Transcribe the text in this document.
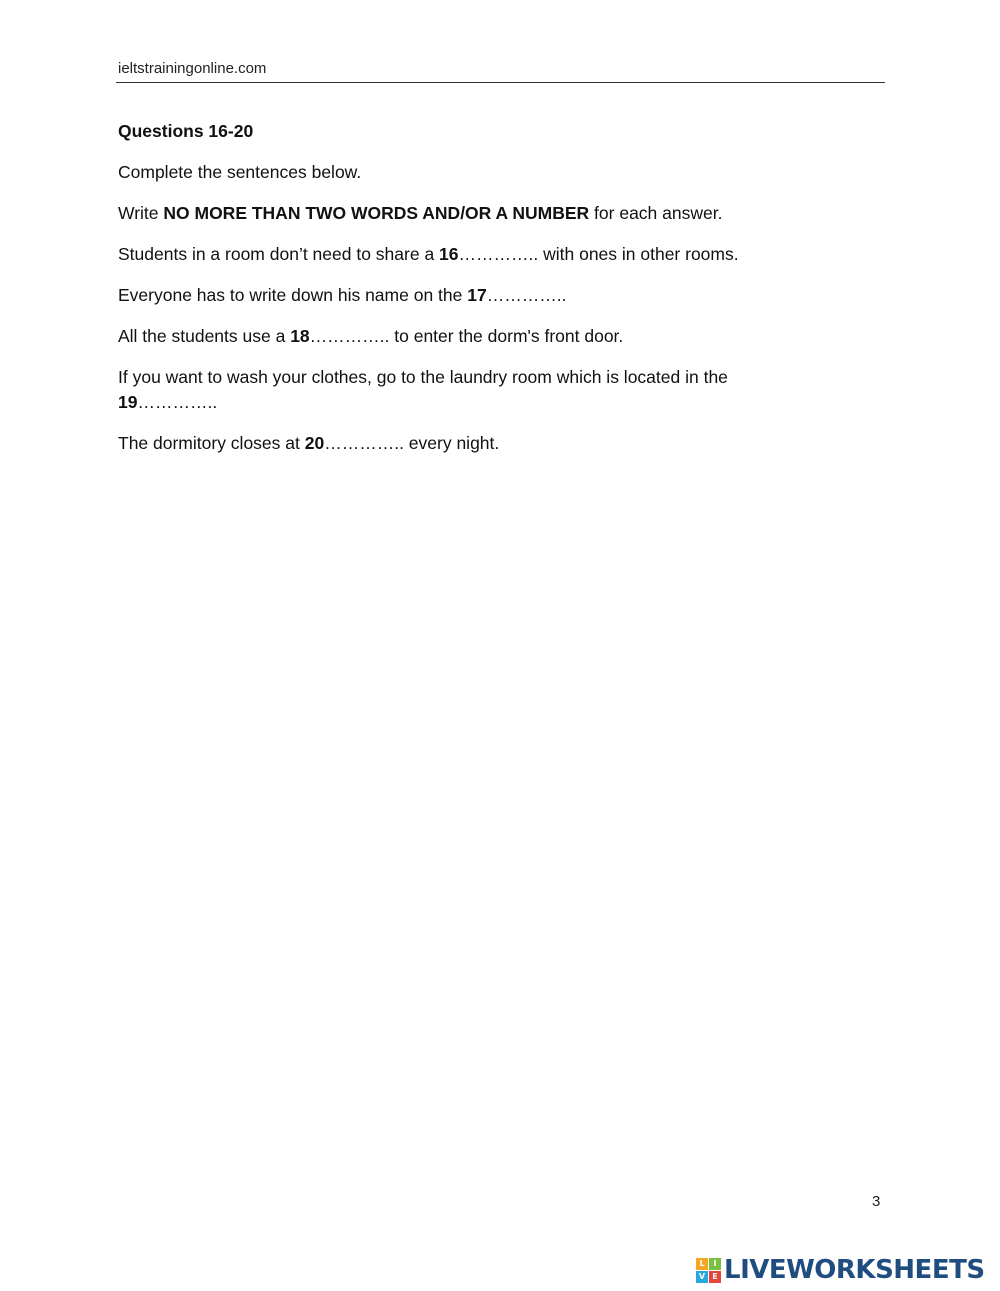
ieltstrainingonline.com

Questions 16-20

Complete the sentences below.

Write NO MORE THAN TWO WORDS AND/OR A NUMBER for each answer.

Students in a room don’t need to share a 16………….. with ones in other rooms.

Everyone has to write down his name on the 17…………..

All the students use a 18………….. to enter the dorm's front door.

If you want to wash your clothes, go to the laundry room which is located in the 19…………..

The dormitory closes at 20………….. every night.

3
L	I
V E LIVEWORKSHEETS
